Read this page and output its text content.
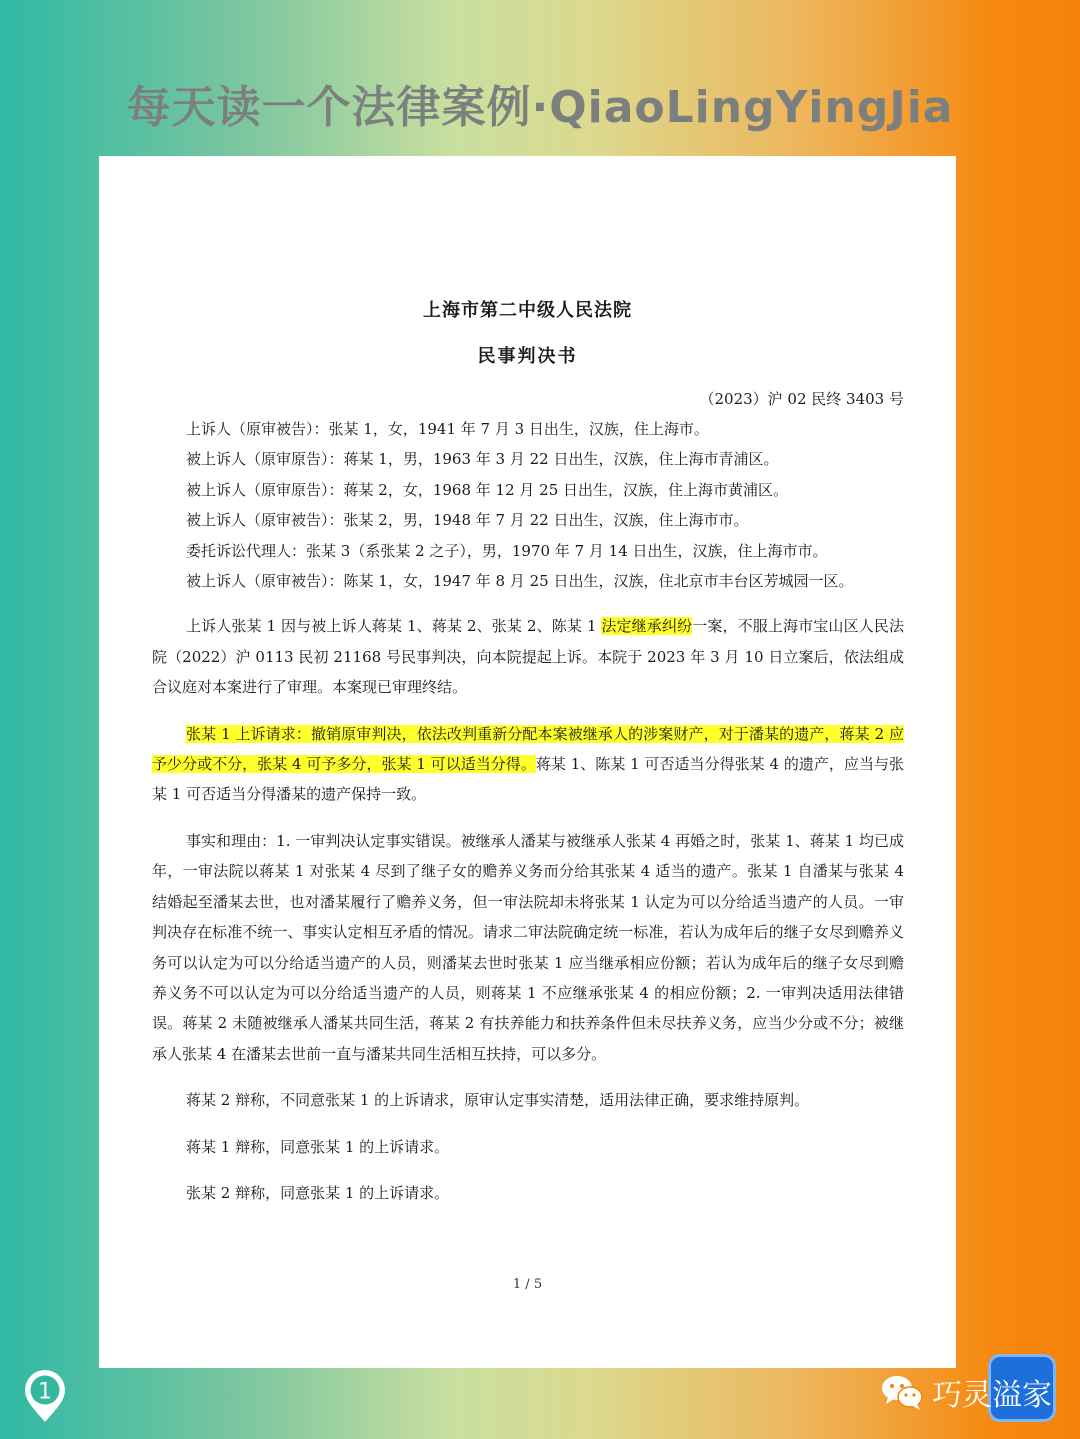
每天读一个法律案例·QiaoLingYingJia
上海市第二中级人民法院
民事判决书
（2023）沪 02 民终 3403 号

上诉人（原审被告）：张某 1，女，1941 年 7 月 3 日出生，汉族，住上海市。

被上诉人（原审原告）：蒋某 1，男，1963 年 3 月 22 日出生，汉族，住上海市青浦区。

被上诉人（原审原告）：蒋某 2，女，1968 年 12 月 25 日出生，汉族，住上海市黄浦区。

被上诉人（原审被告）：张某 2，男，1948 年 7 月 22 日出生，汉族，住上海市市。

委托诉讼代理人：张某 3（系张某 2 之子），男，1970 年 7 月 14 日出生，汉族，住上海市市。

被上诉人（原审被告）：陈某 1，女，1947 年 8 月 25 日出生，汉族，住北京市丰台区芳城园一区。

上诉人张某 1 因与被上诉人蒋某 1、蒋某 2、张某 2、陈某 1 法定继承纠纷一案，不服上海市宝山区人民法院（2022）沪 0113 民初 21168 号民事判决，向本院提起上诉。本院于 2023 年 3 月 10 日立案后，依法组成合议庭对本案进行了审理。本案现已审理终结。

张某 1 上诉请求：撤销原审判决，依法改判重新分配本案被继承人的涉案财产，对于潘某的遗产，蒋某 2 应予少分或不分，张某 4 可予多分，张某 1 可以适当分得。蒋某 1、陈某 1 可否适当分得张某 4 的遗产，应当与张某 1 可否适当分得潘某的遗产保持一致。

事实和理由：1. 一审判决认定事实错误。被继承人潘某与被继承人张某 4 再婚之时，张某 1、蒋某 1 均已成年，一审法院以蒋某 1 对张某 4 尽到了继子女的赡养义务而分给其张某 4 适当的遗产。张某 1 自潘某与张某 4 结婚起至潘某去世，也对潘某履行了赡养义务，但一审法院却未将张某 1 认定为可以分给适当遗产的人员。一审判决存在标准不统一、事实认定相互矛盾的情况。请求二审法院确定统一标准，若认为成年后的继子女尽到赡养义务可以认定为可以分给适当遗产的人员，则潘某去世时张某 1 应当继承相应份额；若认为成年后的继子女尽到赡养义务不可以认定为可以分给适当遗产的人员，则蒋某 1 不应继承张某 4 的相应份额；2. 一审判决适用法律错误。蒋某 2 未随被继承人潘某共同生活，蒋某 2 有扶养能力和扶养条件但未尽扶养义务，应当少分或不分；被继承人张某 4 在潘某去世前一直与潘某共同生活相互扶持，可以多分。

蒋某 2 辩称，不同意张某 1 的上诉请求，原审认定事实清楚，适用法律正确，要求维持原判。

蒋某 1 辩称，同意张某 1 的上诉请求。

张某 2 辩称，同意张某 1 的上诉请求。

1 / 5
1	巧灵溢家
